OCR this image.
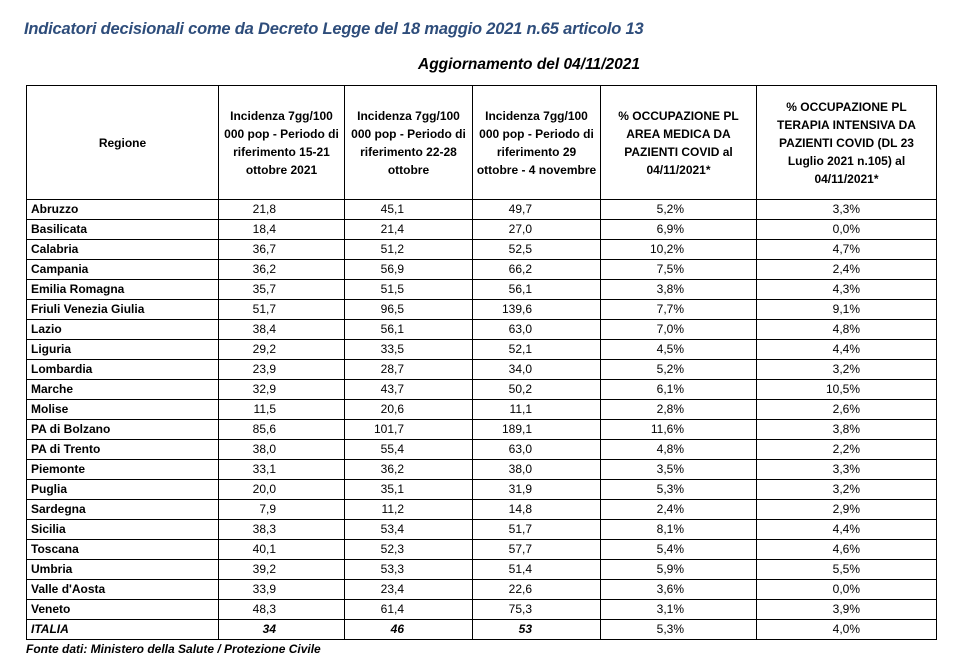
Indicatori decisionali come da Decreto Legge del 18 maggio 2021 n.65 articolo 13
Aggiornamento del 04/11/2021
Regione	Incidenza 7gg/100 000 pop - Periodo di riferimento 15-21 ottobre 2021	Incidenza 7gg/100 000 pop - Periodo di riferimento 22-28 ottobre	Incidenza 7gg/100 000 pop - Periodo di riferimento 29 ottobre - 4 novembre	% OCCUPAZIONE PL AREA MEDICA DA PAZIENTI COVID al 04/11/2021*	% OCCUPAZIONE PL TERAPIA INTENSIVA DA PAZIENTI COVID (DL 23 Luglio 2021 n.105) al 04/11/2021*
Abruzzo	21,8	45,1	49,7	5,2%	3,3%
Basilicata	18,4	21,4	27,0	6,9%	0,0%
Calabria	36,7	51,2	52,5	10,2%	4,7%
Campania	36,2	56,9	66,2	7,5%	2,4%
Emilia Romagna	35,7	51,5	56,1	3,8%	4,3%
Friuli Venezia Giulia	51,7	96,5	139,6	7,7%	9,1%
Lazio	38,4	56,1	63,0	7,0%	4,8%
Liguria	29,2	33,5	52,1	4,5%	4,4%
Lombardia	23,9	28,7	34,0	5,2%	3,2%
Marche	32,9	43,7	50,2	6,1%	10,5%
Molise	11,5	20,6	11,1	2,8%	2,6%
PA di Bolzano	85,6	101,7	189,1	11,6%	3,8%
PA di Trento	38,0	55,4	63,0	4,8%	2,2%
Piemonte	33,1	36,2	38,0	3,5%	3,3%
Puglia	20,0	35,1	31,9	5,3%	3,2%
Sardegna	7,9	11,2	14,8	2,4%	2,9%
Sicilia	38,3	53,4	51,7	8,1%	4,4%
Toscana	40,1	52,3	57,7	5,4%	4,6%
Umbria	39,2	53,3	51,4	5,9%	5,5%
Valle d'Aosta	33,9	23,4	22,6	3,6%	0,0%
Veneto	48,3	61,4	75,3	3,1%	3,9%
ITALIA	34	46	53	5,3%	4,0%
Fonte dati: Ministero della Salute / Protezione Civile
